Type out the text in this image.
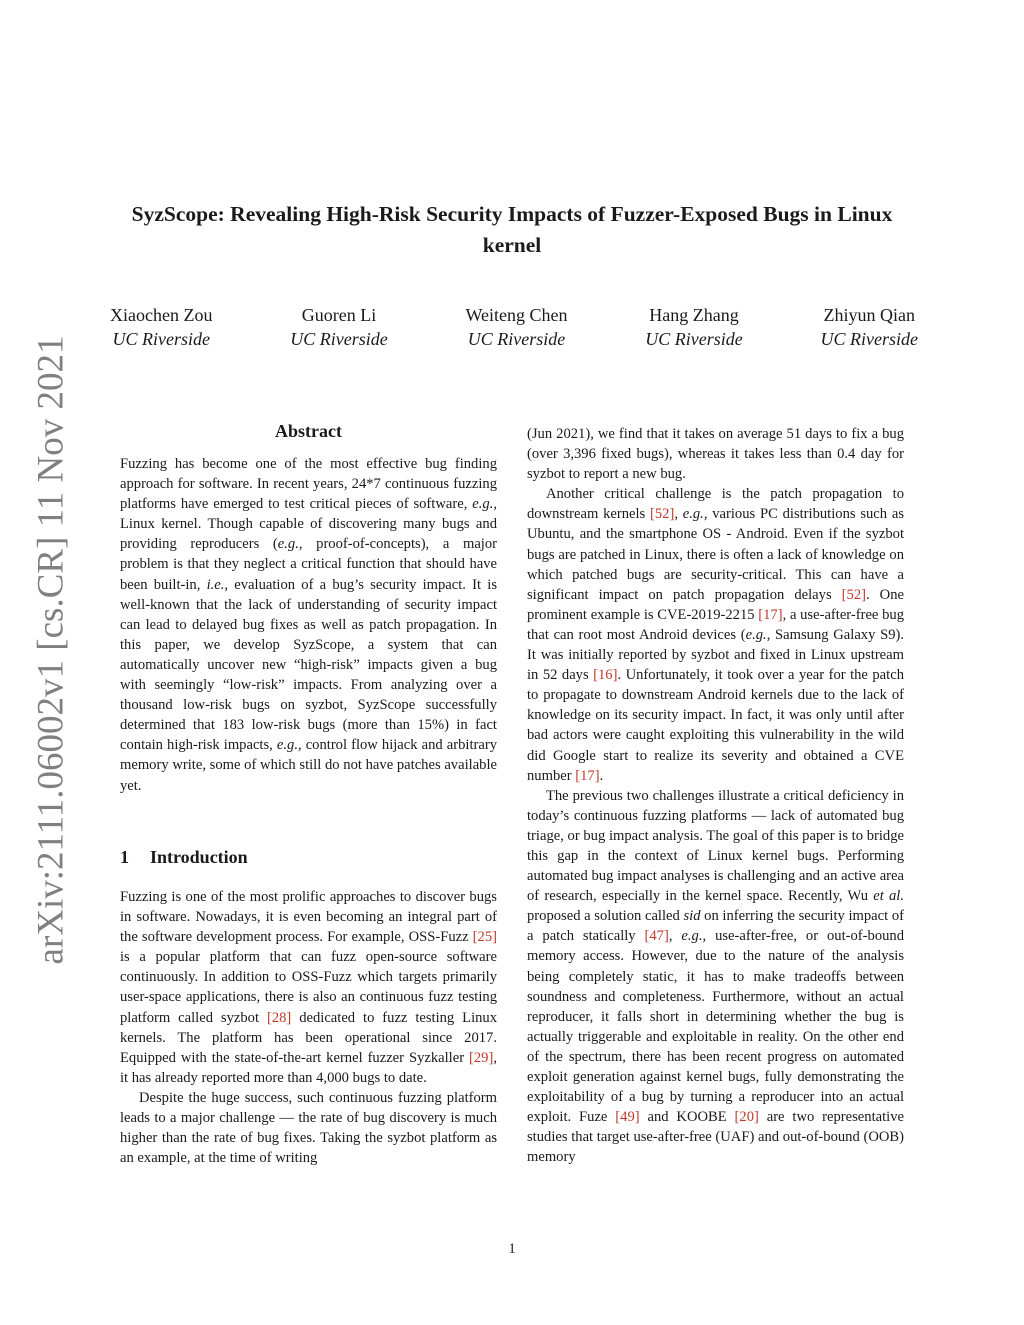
arXiv:2111.06002v1 [cs.CR] 11 Nov 2021
SyzScope: Revealing High-Risk Security Impacts of Fuzzer-Exposed Bugs in Linux kernel
Xiaochen Zou
UC Riverside
Guoren Li
UC Riverside
Weiteng Chen
UC Riverside
Hang Zhang
UC Riverside
Zhiyun Qian
UC Riverside
Abstract

Fuzzing has become one of the most effective bug finding approach for software. In recent years, 24*7 continuous fuzzing platforms have emerged to test critical pieces of software, e.g., Linux kernel. Though capable of discovering many bugs and providing reproducers (e.g., proof-of-concepts), a major problem is that they neglect a critical function that should have been built-in, i.e., evaluation of a bug’s security impact. It is well-known that the lack of understanding of security impact can lead to delayed bug fixes as well as patch propagation. In this paper, we develop SyzScope, a system that can automatically uncover new “high-risk” impacts given a bug with seemingly “low-risk” impacts. From analyzing over a thousand low-risk bugs on syzbot, SyzScope successfully determined that 183 low-risk bugs (more than 15%) in fact contain high-risk impacts, e.g., control flow hijack and arbitrary memory write, some of which still do not have patches available yet.

1 Introduction

Fuzzing is one of the most prolific approaches to discover bugs in software. Nowadays, it is even becoming an integral part of the software development process. For example, OSS-Fuzz [25] is a popular platform that can fuzz open-source software continuously. In addition to OSS-Fuzz which targets primarily user-space applications, there is also an continuous fuzz testing platform called syzbot [28] dedicated to fuzz testing Linux kernels. The platform has been operational since 2017. Equipped with the state-of-the-art kernel fuzzer Syzkaller [29], it has already reported more than 4,000 bugs to date.

Despite the huge success, such continuous fuzzing platform leads to a major challenge — the rate of bug discovery is much higher than the rate of bug fixes. Taking the syzbot platform as an example, at the time of writing

(Jun 2021), we find that it takes on average 51 days to fix a bug (over 3,396 fixed bugs), whereas it takes less than 0.4 day for syzbot to report a new bug.

Another critical challenge is the patch propagation to downstream kernels [52], e.g., various PC distributions such as Ubuntu, and the smartphone OS - Android. Even if the syzbot bugs are patched in Linux, there is often a lack of knowledge on which patched bugs are security-critical. This can have a significant impact on patch propagation delays [52]. One prominent example is CVE-2019-2215 [17], a use-after-free bug that can root most Android devices (e.g., Samsung Galaxy S9). It was initially reported by syzbot and fixed in Linux upstream in 52 days [16]. Unfortunately, it took over a year for the patch to propagate to downstream Android kernels due to the lack of knowledge on its security impact. In fact, it was only until after bad actors were caught exploiting this vulnerability in the wild did Google start to realize its severity and obtained a CVE number [17].

The previous two challenges illustrate a critical deficiency in today’s continuous fuzzing platforms — lack of automated bug triage, or bug impact analysis. The goal of this paper is to bridge this gap in the context of Linux kernel bugs. Performing automated bug impact analyses is challenging and an active area of research, especially in the kernel space. Recently, Wu et al. proposed a solution called sid on inferring the security impact of a patch statically [47], e.g., use-after-free, or out-of-bound memory access. However, due to the nature of the analysis being completely static, it has to make tradeoffs between soundness and completeness. Furthermore, without an actual reproducer, it falls short in determining whether the bug is actually triggerable and exploitable in reality. On the other end of the spectrum, there has been recent progress on automated exploit generation against kernel bugs, fully demonstrating the exploitability of a bug by turning a reproducer into an actual exploit. Fuze [49] and KOOBE [20] are two representative studies that target use-after-free (UAF) and out-of-bound (OOB) memory

1
